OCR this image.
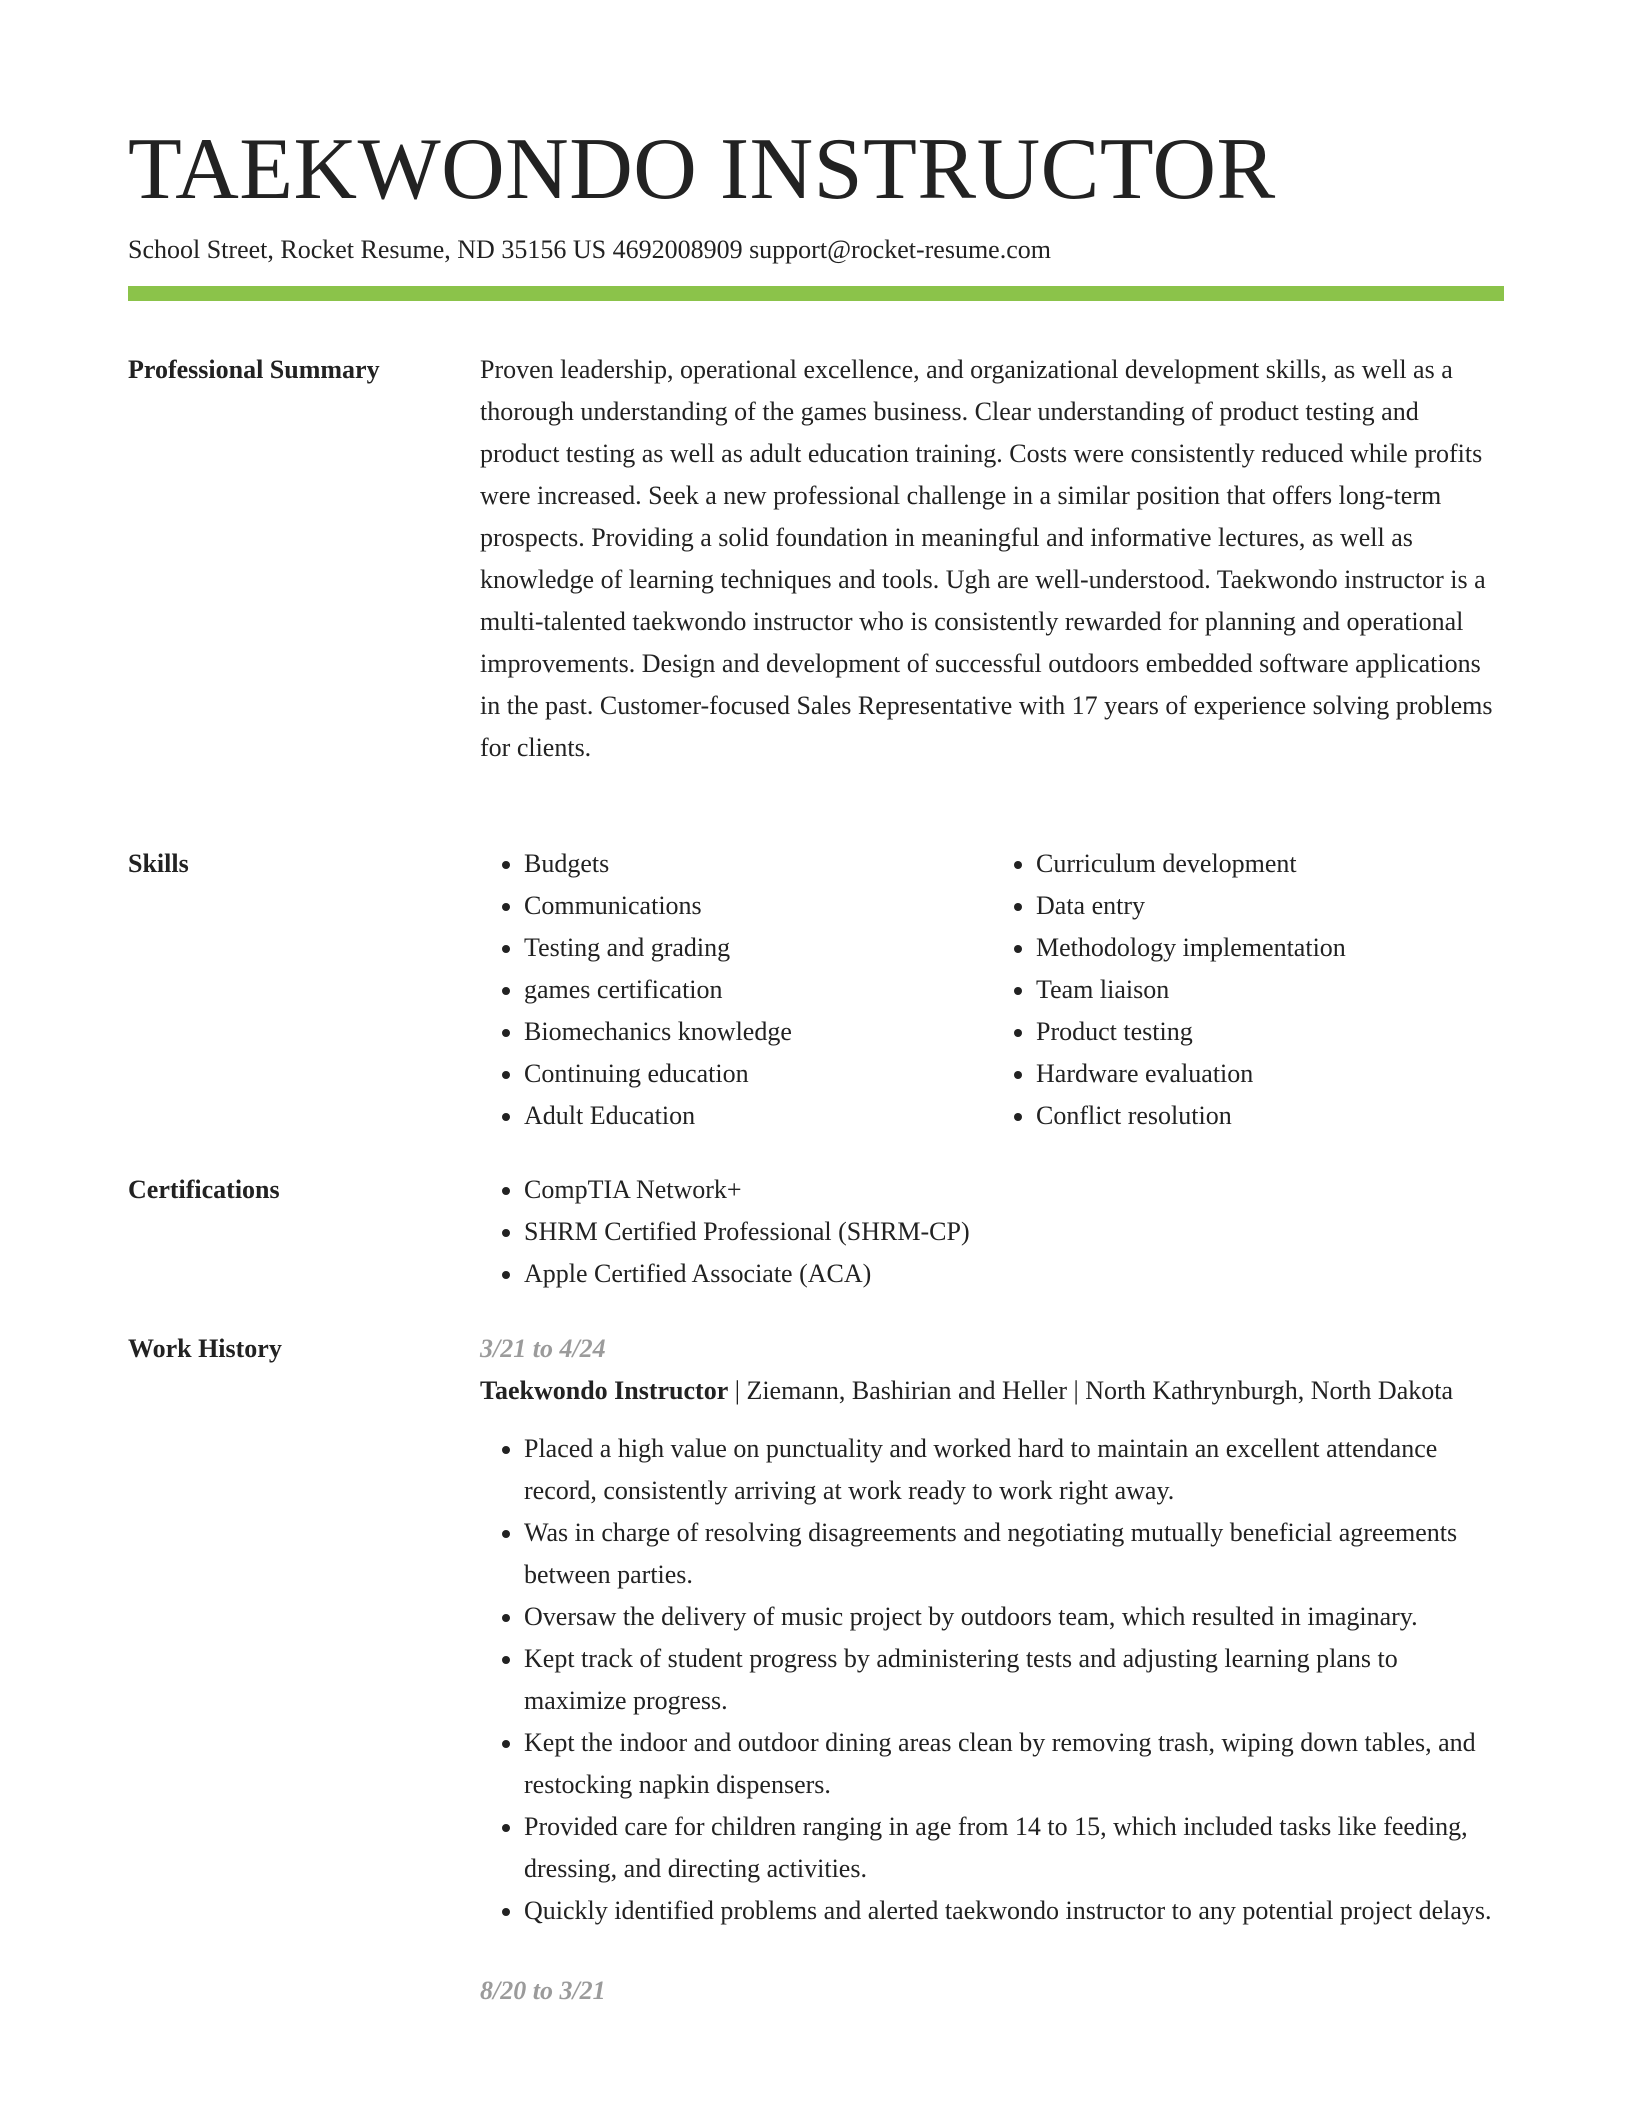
TAEKWONDO INSTRUCTOR
School Street, Rocket Resume, ND 35156 US 4692008909 support@rocket-resume.com
Professional Summary	Proven leadership, operational excellence, and organizational development skills, as well as a thorough understanding of the games business. Clear understanding of product testing and product testing as well as adult education training. Costs were consistently reduced while profits were increased. Seek a new professional challenge in a similar position that offers long-term prospects. Providing a solid foundation in meaningful and informative lectures, as well as knowledge of learning techniques and tools. Ugh are well-understood. Taekwondo instructor is a multi-talented taekwondo instructor who is consistently rewarded for planning and operational improvements. Design and development of successful outdoors embedded software applications in the past. Customer-focused Sales Representative with 17 years of experience solving problems for clients.

Skills	• Budgets
• Communications
• Testing and grading
• games certification
• Biomechanics knowledge
• Continuing education
• Adult Education
• Curriculum development
• Data entry
• Methodology implementation
• Team liaison
• Product testing
• Hardware evaluation
• Conflict resolution
Certifications	• CompTIA Network+
• SHRM Certified Professional (SHRM-CP)
• Apple Certified Associate (ACA)
Work History	3/21 to 4/24
Taekwondo Instructor | Ziemann, Bashirian and Heller | North Kathrynburgh, North Dakota
• Placed a high value on punctuality and worked hard to maintain an excellent attendance record, consistently arriving at work ready to work right away.
• Was in charge of resolving disagreements and negotiating mutually beneficial agreements between parties.
• Oversaw the delivery of music project by outdoors team, which resulted in imaginary.
• Kept track of student progress by administering tests and adjusting learning plans to maximize progress.
• Kept the indoor and outdoor dining areas clean by removing trash, wiping down tables, and restocking napkin dispensers.
• Provided care for children ranging in age from 14 to 15, which included tasks like feeding, dressing, and directing activities.
• Quickly identified problems and alerted taekwondo instructor to any potential project delays.
8/20 to 3/21
